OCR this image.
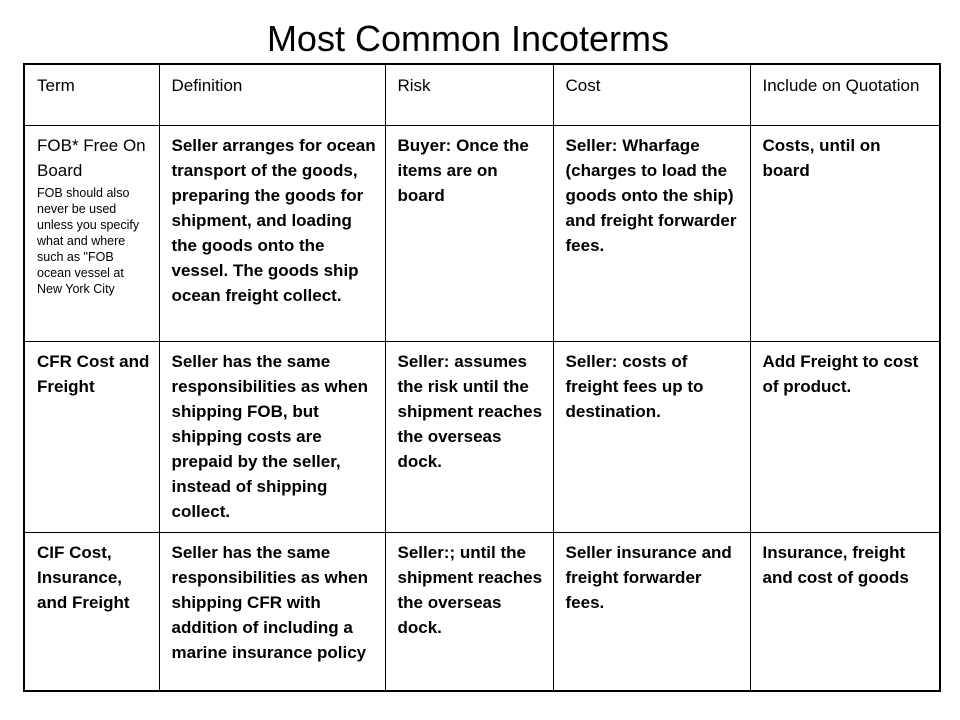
Most Common Incoterms
Term	Definition	Risk	Cost	Include on Quotation
FOB* Free On Board
FOB should also never be used unless you specify what and where such as "FOB ocean vessel at New York City	Seller arranges for ocean transport of the goods, preparing the goods for shipment, and loading the goods onto the vessel. The goods ship ocean freight collect.	Buyer: Once the items are on board	Seller: Wharfage (charges to load the goods onto the ship) and freight forwarder fees.	Costs, until on board
CFR Cost and Freight	Seller has the same responsibilities as when shipping FOB, but shipping costs are prepaid by the seller, instead of shipping collect.	Seller: assumes the risk until the shipment reaches the overseas dock.	Seller: costs of freight fees up to destination.	Add Freight to cost of product.
CIF Cost, Insurance, and Freight	Seller has the same responsibilities as when shipping CFR with addition of including a marine insurance policy	Seller:; until the shipment reaches the overseas dock.	Seller insurance and freight forwarder fees.	Insurance, freight and cost of goods
